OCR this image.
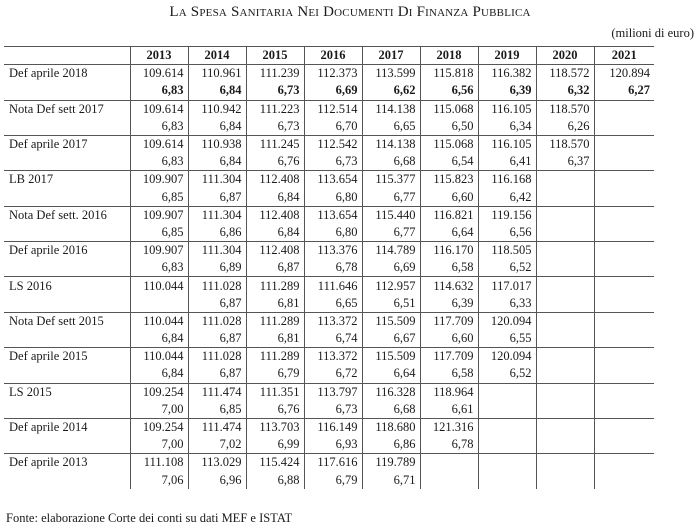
La Spesa Sanitaria Nei Documenti Di Finanza Pubblica
(milioni di euro)
	2013	2014	2015	2016	2017	2018	2019	2020	2021
Def aprile 2018	109.614	110.961	111.239	112.373	113.599	115.818	116.382	118.572	120.894
	6,83	6,84	6,73	6,69	6,62	6,56	6,39	6,32	6,27
Nota Def sett 2017	109.614	110.942	111.223	112.514	114.138	115.068	116.105	118.570	
	6,83	6,84	6,73	6,70	6,65	6,50	6,34	6,26	
Def aprile 2017	109.614	110.938	111.245	112.542	114.138	115.068	116.105	118.570	
	6,83	6,84	6,76	6,73	6,68	6,54	6,41	6,37	
LB 2017	109.907	111.304	112.408	113.654	115.377	115.823	116.168		
	6,85	6,87	6,84	6,80	6,77	6,60	6,42		
Nota Def sett. 2016	109.907	111.304	112.408	113.654	115.440	116.821	119.156		
	6,85	6,86	6,84	6,80	6,77	6,64	6,56		
Def aprile 2016	109.907	111.304	112.408	113.376	114.789	116.170	118.505		
	6,83	6,89	6,87	6,78	6,69	6,58	6,52		
LS 2016	110.044	111.028	111.289	111.646	112.957	114.632	117.017		
		6,87	6,81	6,65	6,51	6,39	6,33		
Nota Def sett 2015	110.044	111.028	111.289	113.372	115.509	117.709	120.094		
	6,84	6,87	6,81	6,74	6,67	6,60	6,55		
Def aprile 2015	110.044	111.028	111.289	113.372	115.509	117.709	120.094		
	6,84	6,87	6,79	6,72	6,64	6,58	6,52		
LS 2015	109.254	111.474	111.351	113.797	116.328	118.964			
	7,00	6,85	6,76	6,73	6,68	6,61			
Def aprile 2014	109.254	111.474	113.703	116.149	118.680	121.316			
	7,00	7,02	6,99	6,93	6,86	6,78			
Def aprile 2013	111.108	113.029	115.424	117.616	119.789				
	7,06	6,96	6,88	6,79	6,71				
Fonte: elaborazione Corte dei conti su dati MEF e ISTAT
